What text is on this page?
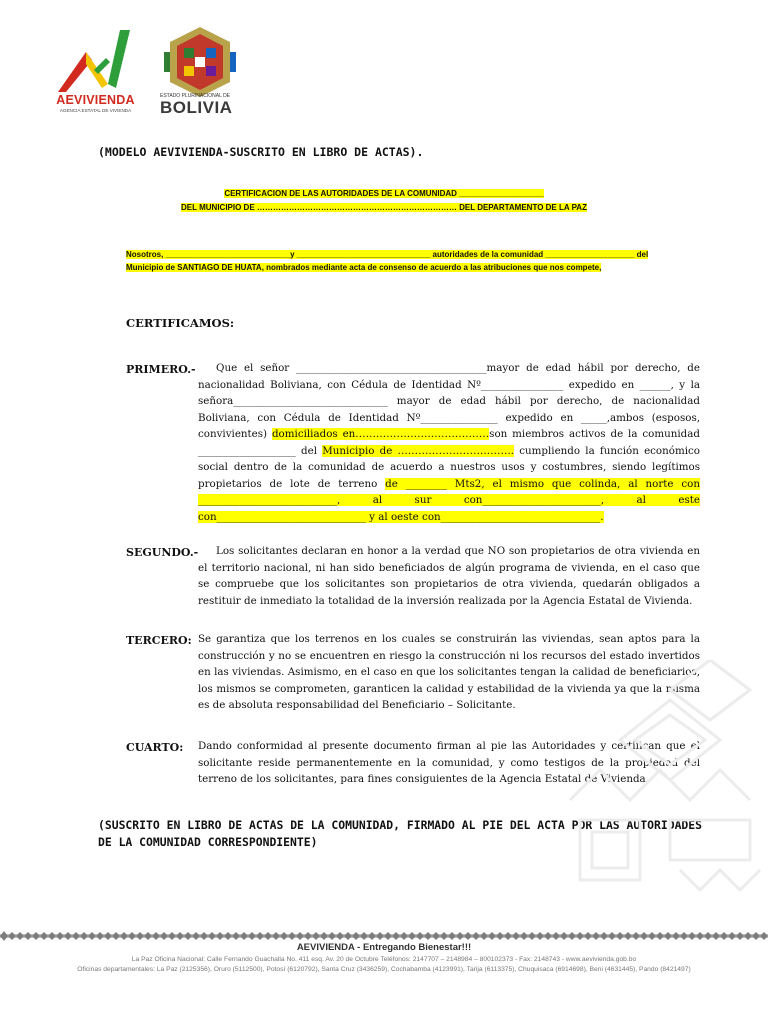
AEVIVIENDA
AGENCIA ESTATAL DE VIVIENDA
ESTADO PLURINACIONAL DE
BOLIVIA
(MODELO AEVIVIENDA-SUSCRITO EN LIBRO DE ACTAS).
CERTIFICACION DE LAS AUTORIDADES DE LA COMUNIDAD ___________________
DEL MUNICIPIO DE ………………………………………………………………… DEL DEPARTAMENTO DE LA PAZ
Nosotros, ____________________________y ______________________________ autoridades de la comunidad ____________________ del
Municipio de SANTIAGO DE HUATA, nombrados mediante acta de consenso de acuerdo a las atribuciones que nos compete,
CERTIFICAMOS:
PRIMERO.-	Que el señor _____________________________________mayor de edad hábil por derecho, de nacionalidad Boliviana, con Cédula de Identidad Nº________________ expedido en ______, y la señora______________________________ mayor de edad hábil por derecho, de nacionalidad Boliviana, con Cédula de Identidad Nº_______________ expedido en _____,ambos (esposos, convivientes) domiciliados en…………………………………son miembros activos de la comunidad ___________________ del Municipio de ……………………………. cumpliendo la función económico social dentro de la comunidad de acuerdo a nuestros usos y costumbres, siendo legítimos propietarios de lote de terreno de ________ Mts2, el mismo que colinda, al norte con ___________________________, al sur con_______________________, al este con_____________________________ y al oeste con_______________________________.
SEGUNDO.-	Los solicitantes declaran en honor a la verdad que NO son propietarios de otra vivienda en el territorio nacional, ni han sido beneficiados de algún programa de vivienda, en el caso que se compruebe que los solicitantes son propietarios de otra vivienda, quedarán obligados a restituir de inmediato la totalidad de la inversión realizada por la Agencia Estatal de Vivienda.
TERCERO: Se garantiza que los terrenos en los cuales se construirán las viviendas, sean aptos para la construcción y no se encuentren en riesgo la construcción ni los recursos del estado invertidos en las viviendas. Asimismo, en el caso en que los solicitantes tengan la calidad de beneficiarios, los mismos se comprometen, garanticen la calidad y estabilidad de la vivienda ya que la misma es de absoluta responsabilidad del Beneficiario – Solicitante.
CUARTO: Dando conformidad al presente documento firman al pie las Autoridades y certifican que el solicitante reside permanentemente en la comunidad, y como testigos de la propiedad del terreno de los solicitantes, para fines consiguientes de la Agencia Estatal de Vivienda.
(SUSCRITO EN LIBRO DE ACTAS DE LA COMUNIDAD, FIRMADO AL PIE DEL ACTA POR LAS AUTORIDADES DE LA COMUNIDAD CORRESPONDIENTE)
AEVIVIENDA - Entregando Bienestar!!!
La Paz Oficina Nacional: Calle Fernando Guachalla No. 411 esq. Av. 20 de Octubre Teléfonos: 2147707 – 2148984 – 800102373 - Fax: 2148743 - www.aevivienda.gob.bo
Oficinas departamentales: La Paz (2125356), Oruro (5112500), Potosí (6120792), Santa Cruz (3436259), Cochabamba (4123991), Tarija (6113375), Chuquisaca (6914698), Beni (4631445), Pando (8421497)
